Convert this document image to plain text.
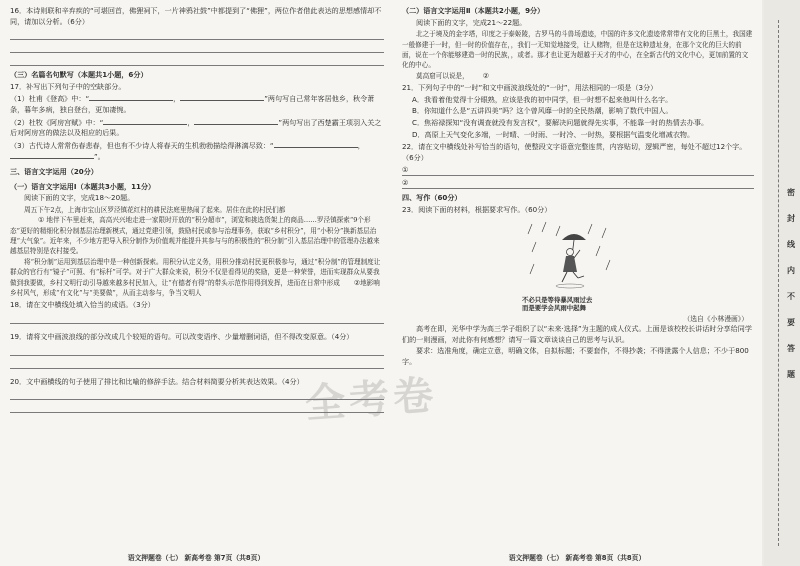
16．本诗则联和辛弃疾的“可堪回首，佛狸祠下，一片神鸦社鼓”中都提到了“佛狸”，两位作者借此表达的思想感情却不同，请加以分析。（6分）

（三）名篇名句默写（本题共1小题，6分）

17．补写出下列句子中的空缺部分。

（1）杜甫《登高》中：“	，	”两句写自己常年客居他乡，秋令萧条，暮年多病，独自登台，更加凄惋。

（2）杜牧《阿房宫赋》中：“	，	”两句写出了西楚霸王项羽入关之后对阿房宫的做法以及相应的后果。

（3）古代诗人常常伤春悲春，但也有不少诗人将春天的生机勃勃描绘得淋漓尽致：“	，”。

三、语言文字运用（20分）

（一）语言文字运用Ⅰ（本题共3小题，11分）

阅读下面的文字，完成18～20题。

周五下午2点，上海市宝山区罗泾镇花红村的耕民法庭里热闹了起来。居住在此的村民们都

① 地伴下车里赶来，高高兴兴地走进一家限时开放的“积分超市”，浏览和挑选货架上的商品……罗泾镇探索“9个形态”更好的精细化积分制基层治理新模式，通过党建引领，鼓励村民或参与治理事务，获取“乡村积分”，用“小积分”换新基层治理“大气象”。近年来，不少地方把导入积分制作为价值观并能提升其参与与的积极性的“积分制”引入基层治理中的管理办法越来越基层特别是农村接受。

将“积分制”运用到基层治理中是一种创新探索。用积分认定义务，用积分推动村民更积极参与，通过“积分制”的管理制度让群众的官行有“镜子”可照、有“标杆”可学。对于广大群众来说，积分不仅是看得见的奖励，更是一种荣誉，进而实现群众从要我做到我要做，乡村文明行动引导越来越多村民加入，让“有德者有得”的带头示范作用得到发挥，进而在日常中形成 ②地影响乡村风气，形成“有文化”与“美要做”，从而主动参与，争当文明人

18．请在文中横线处填入恰当的成语。（3分）

19．请将文中画波浪线的部分改成几个较短的语句。可以改变语序、少量增删词语，但不得改变原意。（4分）

20．文中画横线的句子使用了排比和比喻的修辞手法。结合材料简要分析其表达效果。（4分）

语文押题卷（七） 新高考卷 第7页（共8页）

（二）语言文字运用Ⅱ（本题共2小题，9分）

阅读下面的文字，完成21～22题。

北之于境及的金字塔，印度之于泰姬陵，古罗马的斗兽场遗迹，中国的许多文化遗迹常常带有文化的巨黑土，我国建一般修建于一时，但一时的价值存在，，我们一无知觉地接受，让人赌物，但是在这种遗址身，在那个文化的巨大的前面，说在一个你能够建造一时的民族，，或者。那才也让更为超越于天才的中心，在全新古代的文化中心，更加前置的文化的中心。

莫高窟可以说是， ②

21．下列句子中的“一时”和文中画波浪线处的“一时”，用法相同的一项是（3分）

A．我看着他觉得十分眼熟，应该是我的初中同学，但一时想不起来他叫什么名字。

B．你知道什么是“五讲四美”吗？这个曾风靡一时的全民热潮，影响了数代中国人。

C．焦裕禄探知“没有调查就没有发言权”，要解决问题就得先实事，不能靠一时的热情去办事。

D．高原上天气变化多端，一时晴、一时雨、一时冷、一时热，要根据气温变化增减衣物。

22．请在文中横线处补写恰当的语句，使整段文字语意完整连贯，内容贴切，逻辑严密，每处不超过12个字。（6分）

①
②

四、写作（60分）

23．阅读下面的材料，根据要求写作。（60分）

不必只是等待暴风雨过去
而是要学会风雨中起舞
（选自《小林漫画》）

高考在即，光华中学为高三学子组织了以“未来·选择”为主题的成人仪式。上面是该校校长讲话时分享给同学们的一则漫画，对此你有何感想？请写一篇文章谈谈自己的思考与认识。

要求：选准角度，确定立意，明确文体，自拟标题；不要套作，不得抄袭；不得泄露个人信息；不少于800字。

语文押题卷（七） 新高考卷 第8页（共8页）
全考卷
密
封
线
内
不
要
答
题
